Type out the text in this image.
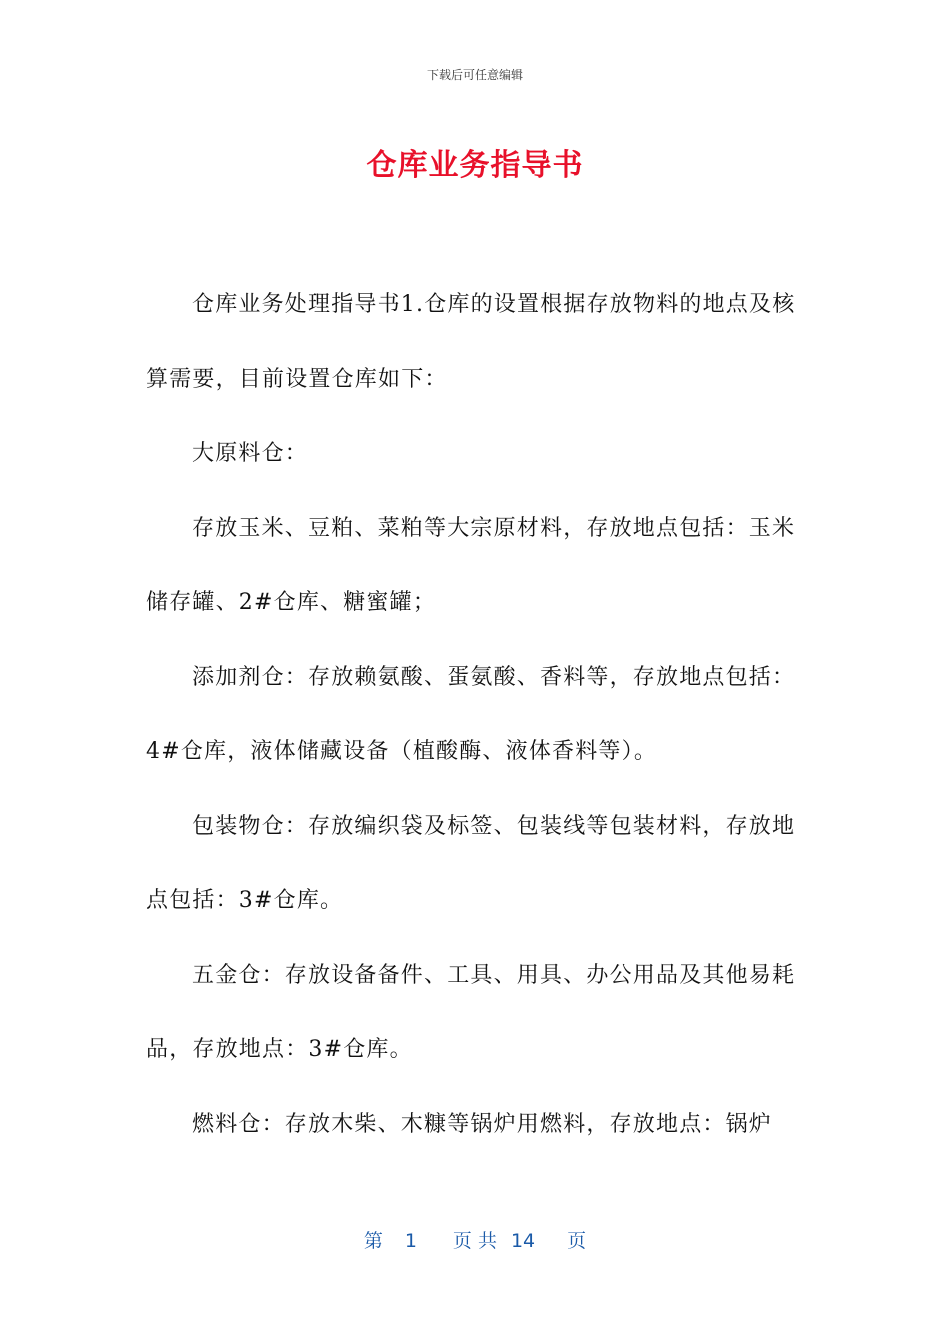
下载后可任意编辑
仓库业务指导书

仓库业务处理指导书1.仓库的设置根据存放物料的地点及核算需要，目前设置仓库如下：

大原料仓：

存放玉米、豆粕、菜粕等大宗原材料，存放地点包括：玉米储存罐、2#仓库、糖蜜罐；

添加剂仓：存放赖氨酸、蛋氨酸、香料等，存放地点包括：4#仓库，液体储藏设备（植酸酶、液体香料等）。

包装物仓：存放编织袋及标签、包装线等包装材料，存放地点包括：3#仓库。

五金仓：存放设备备件、工具、用具、办公用品及其他易耗品，存放地点：3#仓库。

燃料仓：存放木柴、木糠等锅炉用燃料，存放地点：锅炉

第 1 页 共 14 页
